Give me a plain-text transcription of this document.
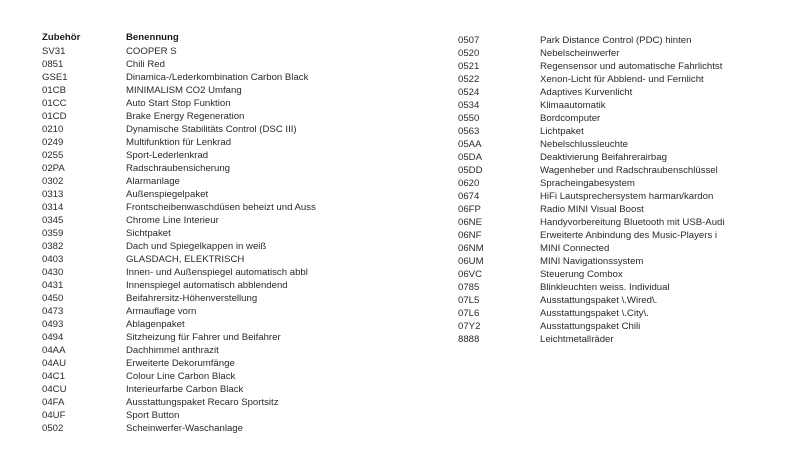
Zubehör	Benennung
SV31	COOPER S
0851	Chili Red
GSE1	Dinamica-/Lederkombination Carbon Black
01CB	MINIMALISM CO2 Umfang
01CC	Auto Start Stop Funktion
01CD	Brake Energy Regeneration
0210	Dynamische Stabilitäts Control (DSC III)
0249	Multifunktion für Lenkrad
0255	Sport-Lederlenkrad
02PA	Radschraubensicherung
0302	Alarmanlage
0313	Außenspiegelpaket
0314	Frontscheibenwaschdüsen beheizt und Auss
0345	Chrome Line Interieur
0359	Sichtpaket
0382	Dach und Spiegelkappen in weiß
0403	GLASDACH, ELEKTRISCH
0430	Innen- und Außenspiegel automatisch abbl
0431	Innenspiegel automatisch abblendend
0450	Beifahrersitz-Höhenverstellung
0473	Armauflage vorn
0493	Ablagenpaket
0494	Sitzheizung für Fahrer und Beifahrer
04AA	Dachhimmel anthrazit
04AU	Erweiterte Dekorumfänge
04C1	Colour Line Carbon Black
04CU	Interieurfarbe Carbon Black
04FA	Ausstattungspaket Recaro Sportsitz
04UF	Sport Button
0502	Scheinwerfer-Waschanlage
0507	Park Distance Control (PDC) hinten
0520	Nebelscheinwerfer
0521	Regensensor und automatische Fahrlichtst
0522	Xenon-Licht für Abblend- und Fernlicht
0524	Adaptives Kurvenlicht
0534	Klimaautomatik
0550	Bordcomputer
0563	Lichtpaket
05AA	Nebelschlussleuchte
05DA	Deaktivierung Beifahrerairbag
05DD	Wagenheber und Radschraubenschlüssel
0620	Spracheingabesystem
0674	HiFi Lautsprechersystem harman/kardon
06FP	Radio MINI Visual Boost
06NE	Handyvorbereitung Bluetooth mit USB-Audi
06NF	Erweiterte Anbindung des Music-Players i
06NM	MINI Connected
06UM	MINI Navigationssystem
06VC	Steuerung Combox
0785	Blinkleuchten weiss. Individual
07L5	Ausstattungspaket \.Wired\.
07L6	Ausstattungspaket \.City\.
07Y2	Ausstattungspaket Chili
8888	Leichtmetallräder
